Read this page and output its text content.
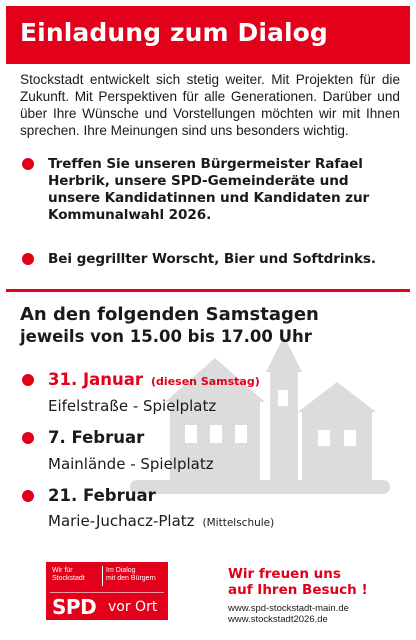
Einladung zum Dialog
Stockstadt entwickelt sich stetig weiter. Mit Projekten für die Zukunft. Mit Perspektiven für alle Generationen. Darüber und über Ihre Wünsche und Vorstellungen möchten wir mit Ihnen sprechen. Ihre Meinungen sind uns besonders wichtig.
Treffen Sie unseren Bürgermeister Rafael Herbrik, unsere SPD-Gemeinderäte und unsere Kandidatinnen und Kandidaten zur Kommunalwahl 2026.
Bei gegrillter Worscht, Bier und Softdrinks.
An den folgenden Samstagen
jeweils von 15.00 bis 17.00 Uhr
31. Januar (diesen Samstag)
Eifelstraße - Spielplatz
7. Februar
Mainlände - Spielplatz
21. Februar
Marie-Juchacz-Platz (Mittelschule)
Wir für
Stockstadt
Im Dialog
mit den Bürgern
SPD vor Ort
Wir freuen uns
auf Ihren Besuch !
www.spd-stockstadt-main.de
www.stockstadt2026.de
